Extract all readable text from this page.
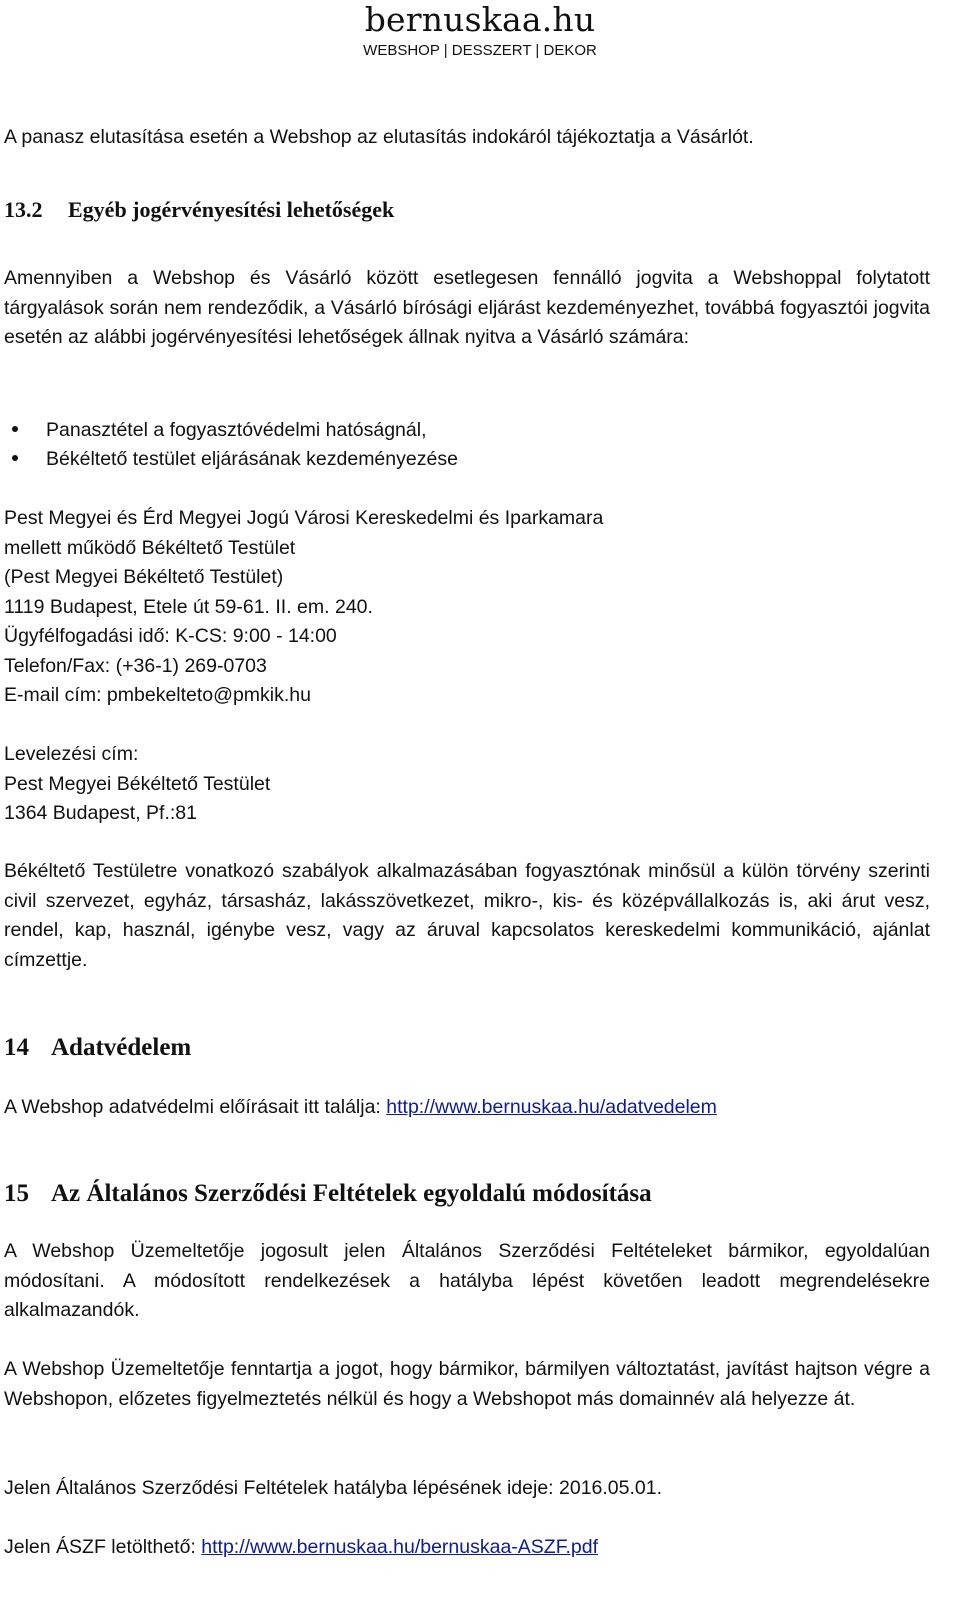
bernuskaa.hu
WEBSHOP | DESSZERT | DEKOR
A panasz elutasítása esetén a Webshop az elutasítás indokáról tájékoztatja a Vásárlót.
13.2 Egyéb jogérvényesítési lehetőségek
Amennyiben a Webshop és Vásárló között esetlegesen fennálló jogvita a Webshoppal folytatott tárgyalások során nem rendeződik, a Vásárló bírósági eljárást kezdeményezhet, továbbá fogyasztói jogvita esetén az alábbi jogérvényesítési lehetőségek állnak nyitva a Vásárló számára:
Panasztétel a fogyasztóvédelmi hatóságnál,
Békéltető testület eljárásának kezdeményezése
Pest Megyei és Érd Megyei Jogú Városi Kereskedelmi és Iparkamara
mellett működő Békéltető Testület
(Pest Megyei Békéltető Testület)
1119 Budapest, Etele út 59-61. II. em. 240.
Ügyfélfogadási idő: K-CS: 9:00 - 14:00
Telefon/Fax: (+36-1) 269-0703
E-mail cím: pmbekelteto@pmkik.hu
Levelezési cím:
Pest Megyei Békéltető Testület
1364 Budapest, Pf.:81
Békéltető Testületre vonatkozó szabályok alkalmazásában fogyasztónak minősül a külön törvény szerinti civil szervezet, egyház, társasház, lakásszövetkezet, mikro-, kis- és középvállalkozás is, aki árut vesz, rendel, kap, használ, igénybe vesz, vagy az áruval kapcsolatos kereskedelmi kommunikáció, ajánlat címzettje.
14 Adatvédelem
A Webshop adatvédelmi előírásait itt találja: http://www.bernuskaa.hu/adatvedelem
15 Az Általános Szerződési Feltételek egyoldalú módosítása
A Webshop Üzemeltetője jogosult jelen Általános Szerződési Feltételeket bármikor, egyoldalúan módosítani. A módosított rendelkezések a hatályba lépést követően leadott megrendelésekre alkalmazandók.
A Webshop Üzemeltetője fenntartja a jogot, hogy bármikor, bármilyen változtatást, javítást hajtson végre a Webshopon, előzetes figyelmeztetés nélkül és hogy a Webshopot más domainnév alá helyezze át.
Jelen Általános Szerződési Feltételek hatályba lépésének ideje: 2016.05.01.
Jelen ÁSZF letölthető: http://www.bernuskaa.hu/bernuskaa-ASZF.pdf
